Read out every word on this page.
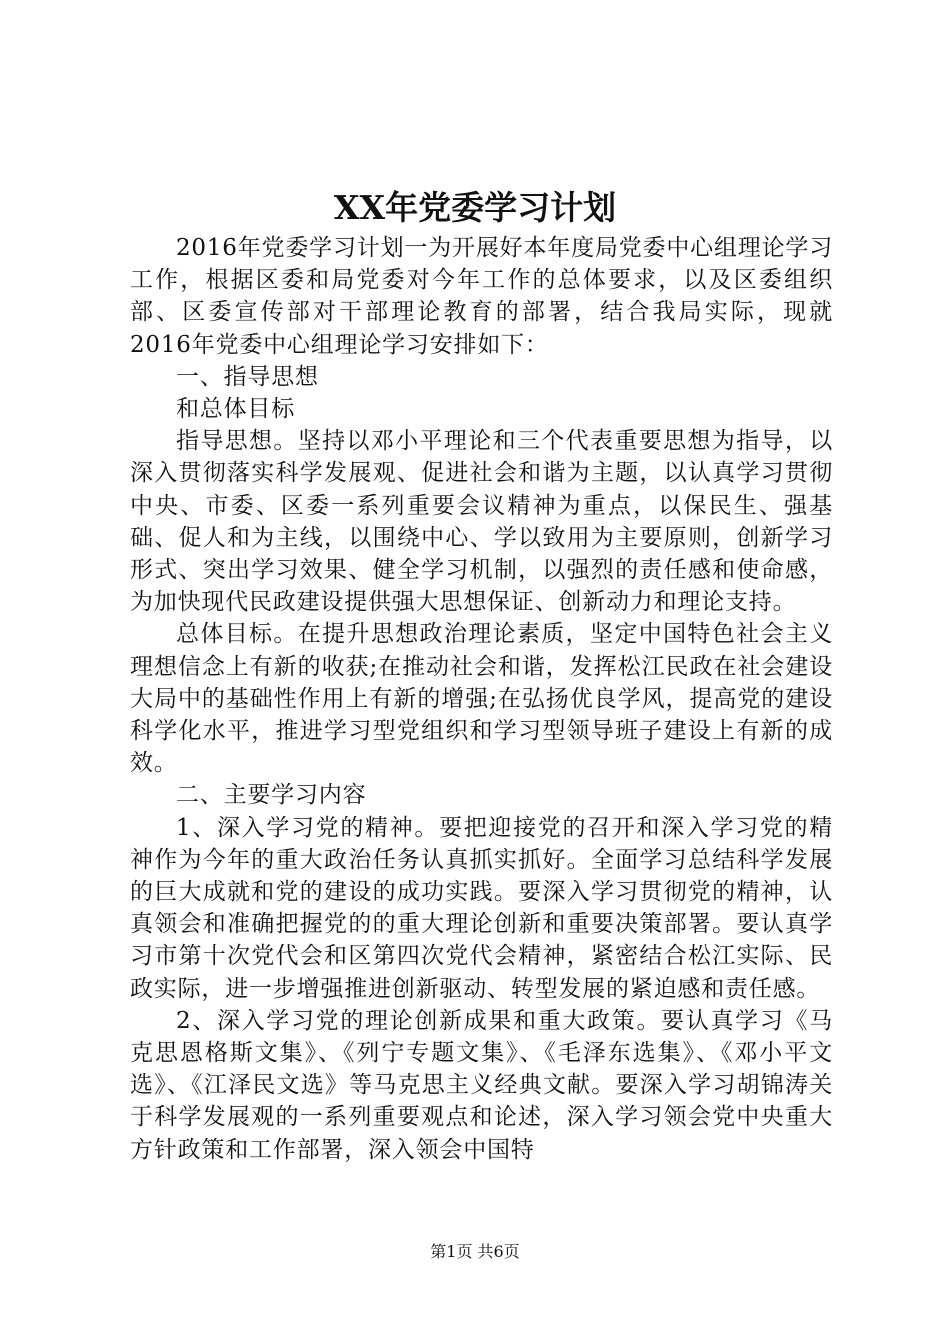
XX年党委学习计划

2016年党委学习计划一为开展好本年度局党委中心组理论学习工作，根据区委和局党委对今年工作的总体要求，以及区委组织部、区委宣传部对干部理论教育的部署，结合我局实际，现就2016年党委中心组理论学习安排如下：

一、指导思想

和总体目标

指导思想。坚持以邓小平理论和三个代表重要思想为指导，以深入贯彻落实科学发展观、促进社会和谐为主题，以认真学习贯彻中央、市委、区委一系列重要会议精神为重点，以保民生、强基础、促人和为主线，以围绕中心、学以致用为主要原则，创新学习形式、突出学习效果、健全学习机制，以强烈的责任感和使命感，为加快现代民政建设提供强大思想保证、创新动力和理论支持。

总体目标。在提升思想政治理论素质，坚定中国特色社会主义理想信念上有新的收获;在推动社会和谐，发挥松江民政在社会建设大局中的基础性作用上有新的增强;在弘扬优良学风，提高党的建设科学化水平，推进学习型党组织和学习型领导班子建设上有新的成效。

二、主要学习内容

1、深入学习党的精神。要把迎接党的召开和深入学习党的精神作为今年的重大政治任务认真抓实抓好。全面学习总结科学发展的巨大成就和党的建设的成功实践。要深入学习贯彻党的精神，认真领会和准确把握党的的重大理论创新和重要决策部署。要认真学习市第十次党代会和区第四次党代会精神，紧密结合松江实际、民政实际，进一步增强推进创新驱动、转型发展的紧迫感和责任感。

2、深入学习党的理论创新成果和重大政策。要认真学习《马克思恩格斯文集》、《列宁专题文集》、《毛泽东选集》、《邓小平文选》、《江泽民文选》等马克思主义经典文献。要深入学习胡锦涛关于科学发展观的一系列重要观点和论述，深入学习领会党中央重大方针政策和工作部署，深入领会中国特

第1页 共6页
